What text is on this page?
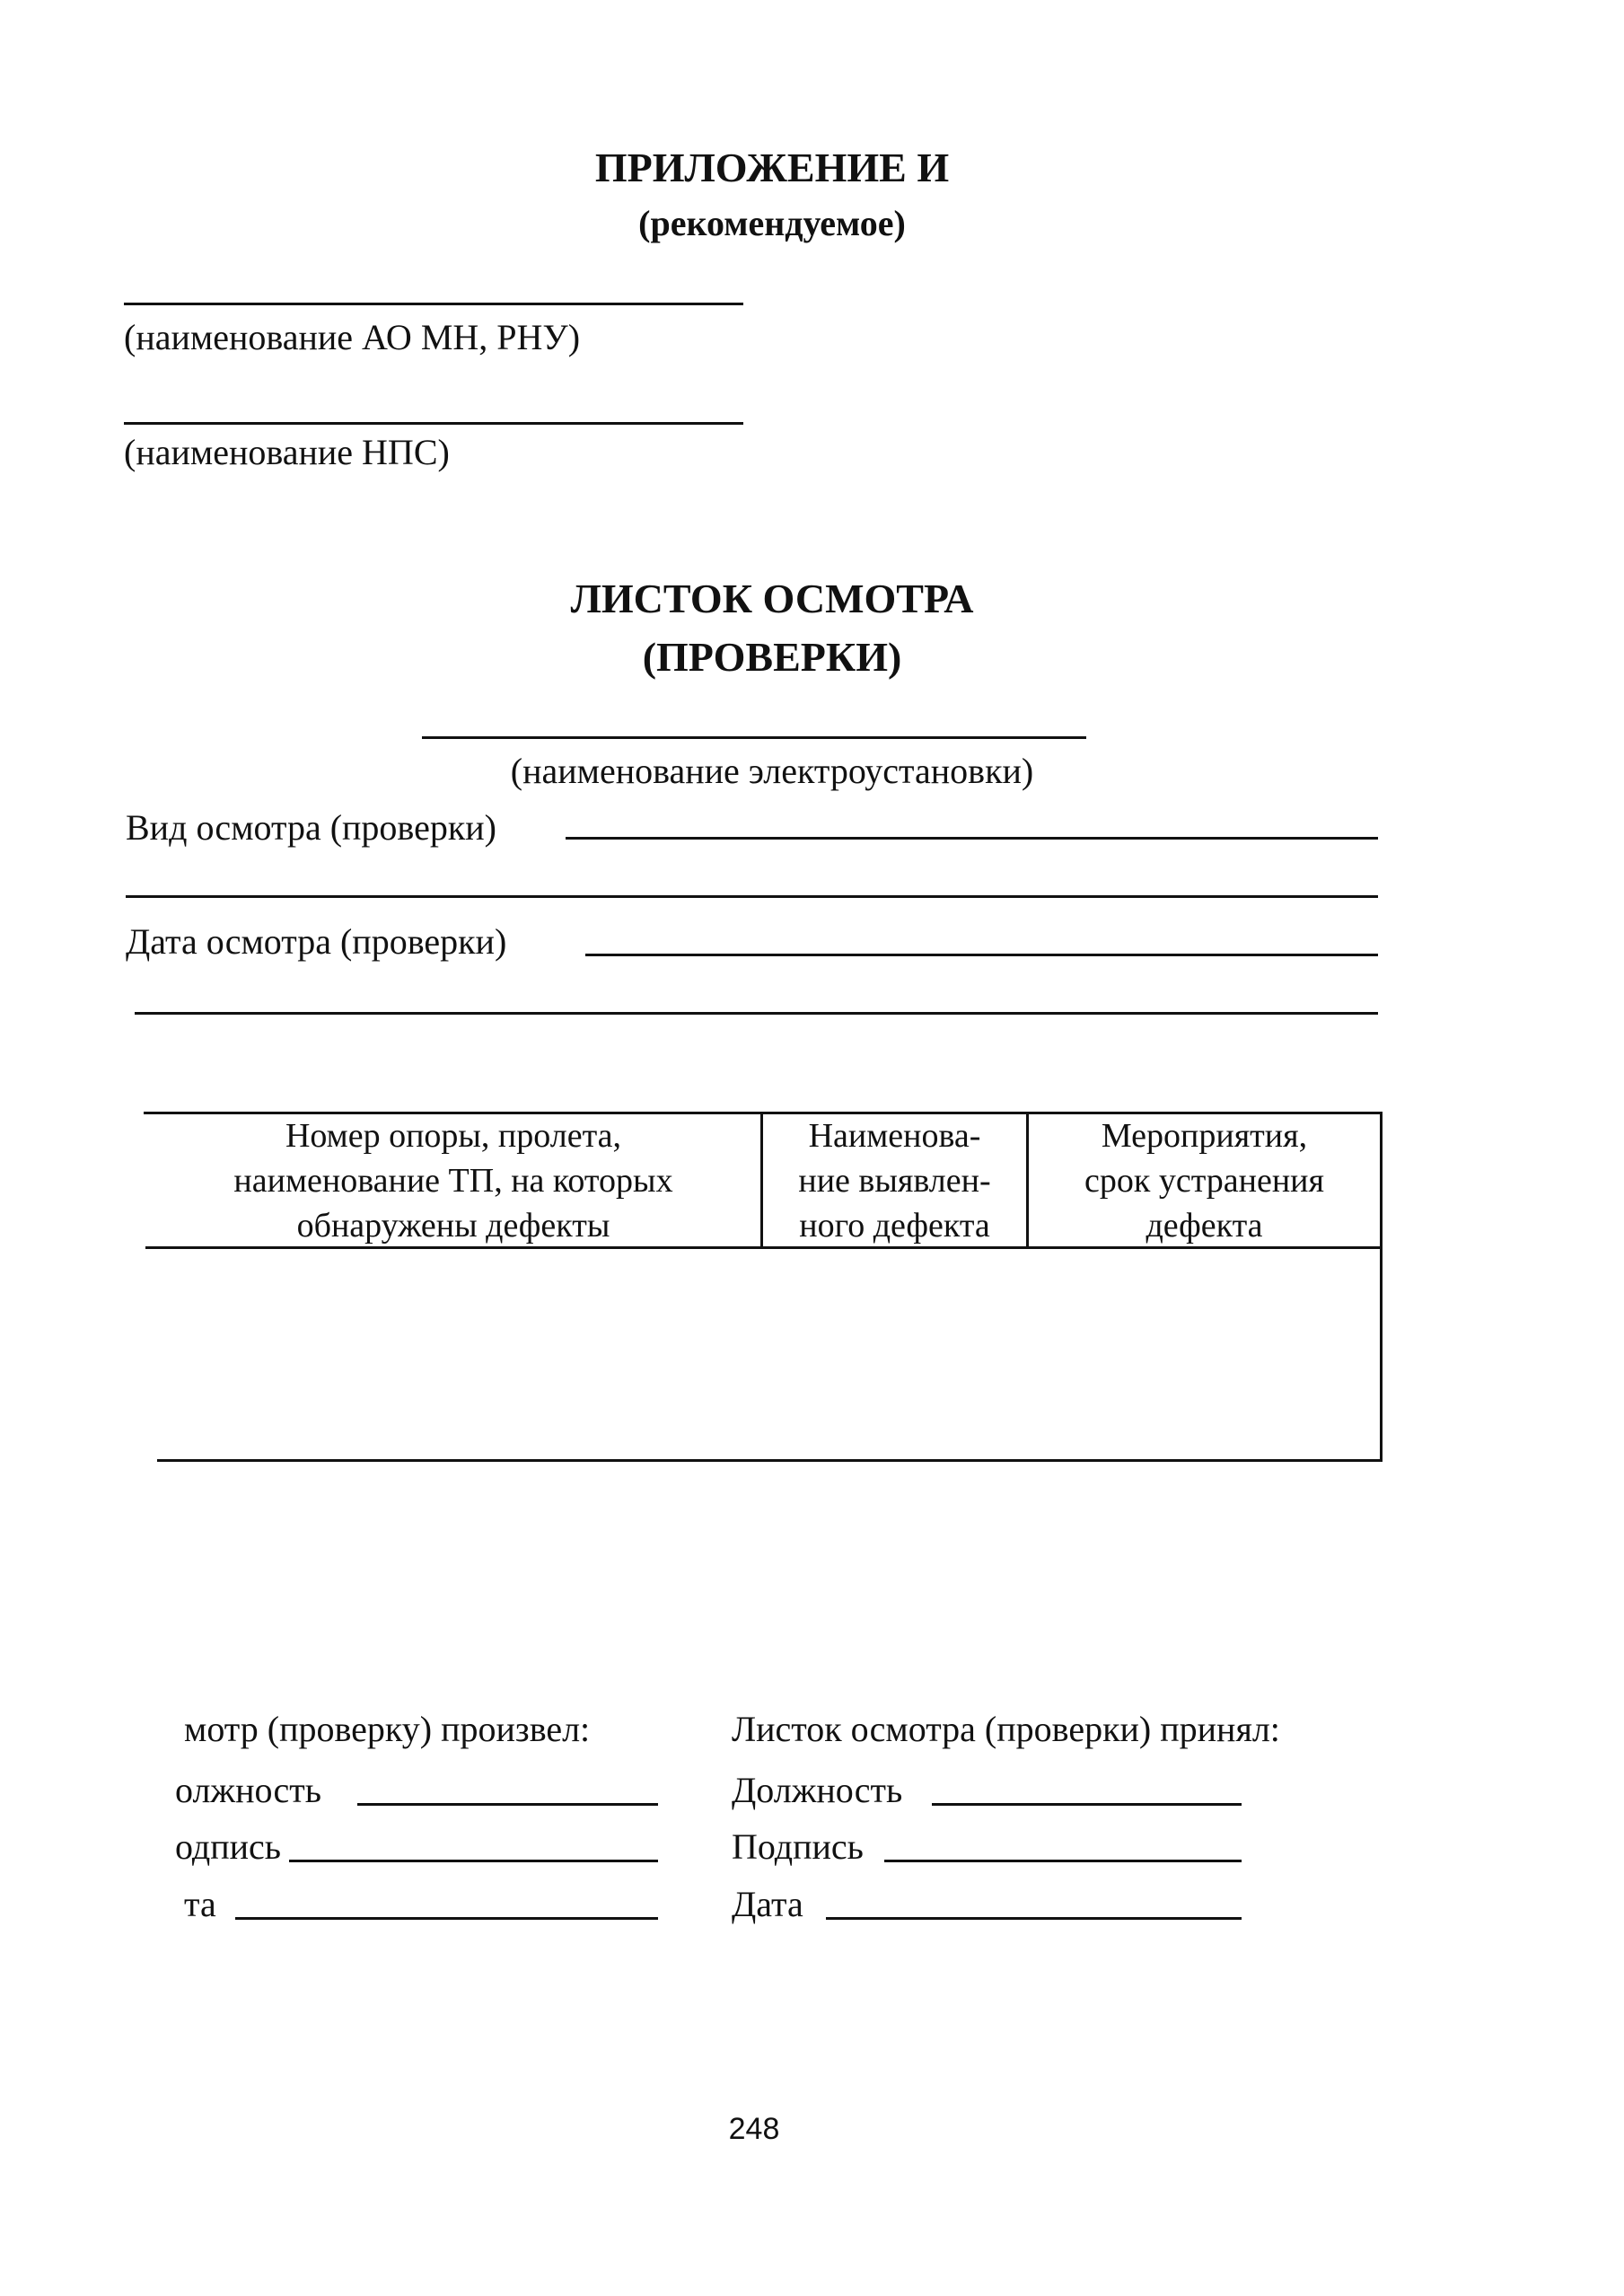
ПРИЛОЖЕНИЕ И
(рекомендуемое)
(наименование АО МН, РНУ)
(наименование НПС)
ЛИСТОК ОСМОТРА
(ПРОВЕРКИ)
(наименование электроустановки)
Вид осмотра (проверки)
Дата осмотра (проверки)
Номер опоры, пролета,
наименование ТП, на которых
обнаружены дефекты
Наименова-
ние выявлен-
ного дефекта
Мероприятия,
срок устранения
дефекта
мотр (проверку) произвел:
олжность
одпись
та
Листок осмотра (проверки) принял:
Должность
Подпись
Дата
248
